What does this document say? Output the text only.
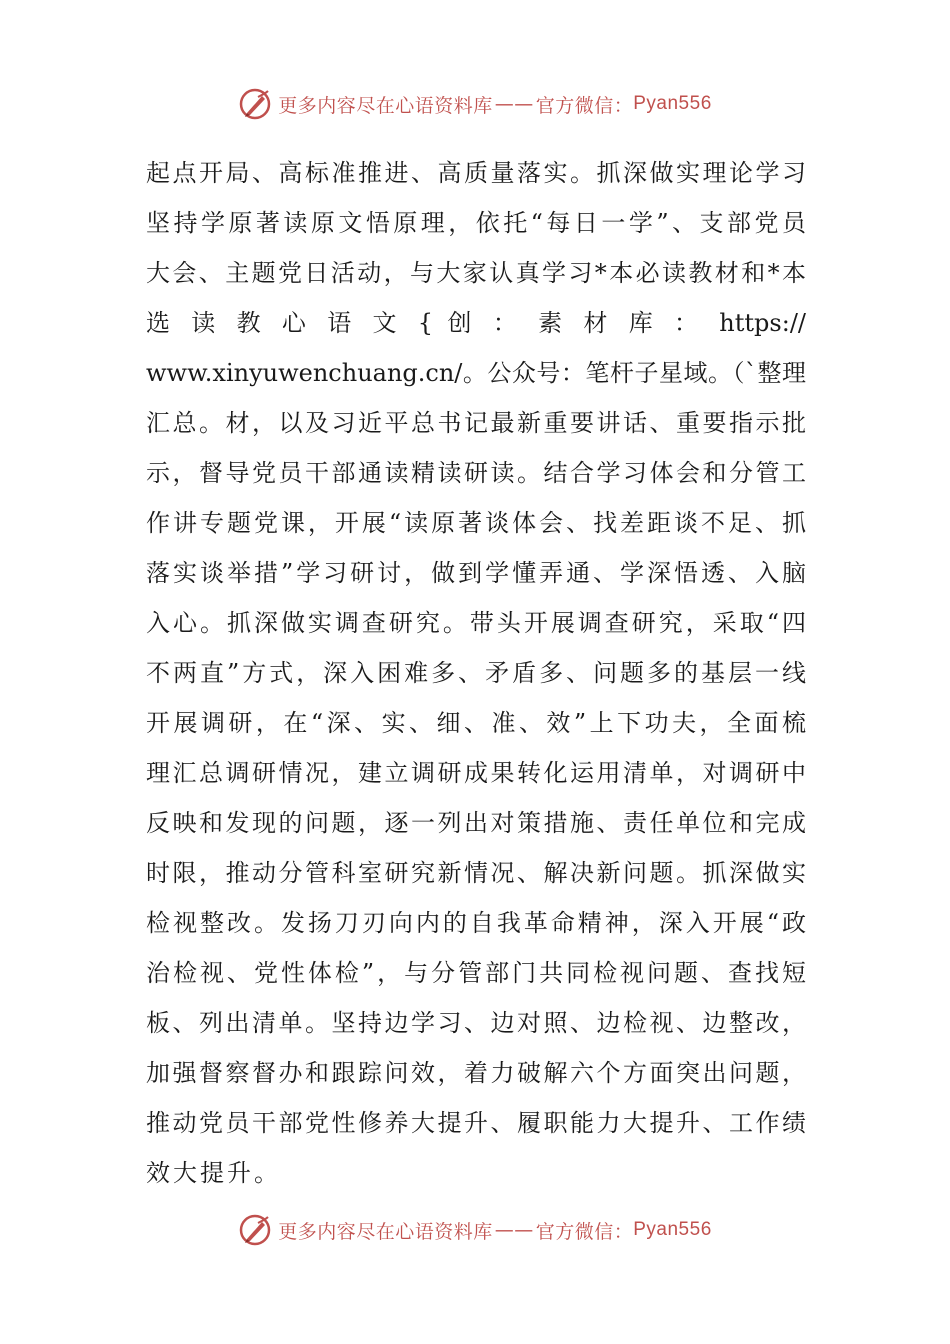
更多内容尽在心语资料库 —— 官方微信： Pyan556
起点开局、高标准推进、高质量落实。抓深做实理论学习
坚持学原著读原文悟原理，依托“每日一学”、支部党员
大会、主题党日活动，与大家认真学习*本必读教材和*本
选 读 教 心 语 文 { 创 ： 素 材 库 ： https://
www.xinyuwenchuang.cn/。公众号：笔杆子星域。（`整理
汇总。材，以及习近平总书记最新重要讲话、重要指示批
示，督导党员干部通读精读研读。结合学习体会和分管工
作讲专题党课，开展“读原著谈体会、找差距谈不足、抓
落实谈举措”学习研讨，做到学懂弄通、学深悟透、入脑
入心。抓深做实调查研究。带头开展调查研究，采取“四
不两直”方式，深入困难多、矛盾多、问题多的基层一线
开展调研，在“深、实、细、准、效”上下功夫，全面梳
理汇总调研情况，建立调研成果转化运用清单，对调研中
反映和发现的问题，逐一列出对策措施、责任单位和完成
时限，推动分管科室研究新情况、解决新问题。抓深做实
检视整改。发扬刀刃向内的自我革命精神，深入开展“政
治检视、党性体检”，与分管部门共同检视问题、查找短
板、列出清单。坚持边学习、边对照、边检视、边整改，
加强督察督办和跟踪问效，着力破解六个方面突出问题，
推动党员干部党性修养大提升、履职能力大提升、工作绩
效大提升。
更多内容尽在心语资料库 —— 官方微信： Pyan556
